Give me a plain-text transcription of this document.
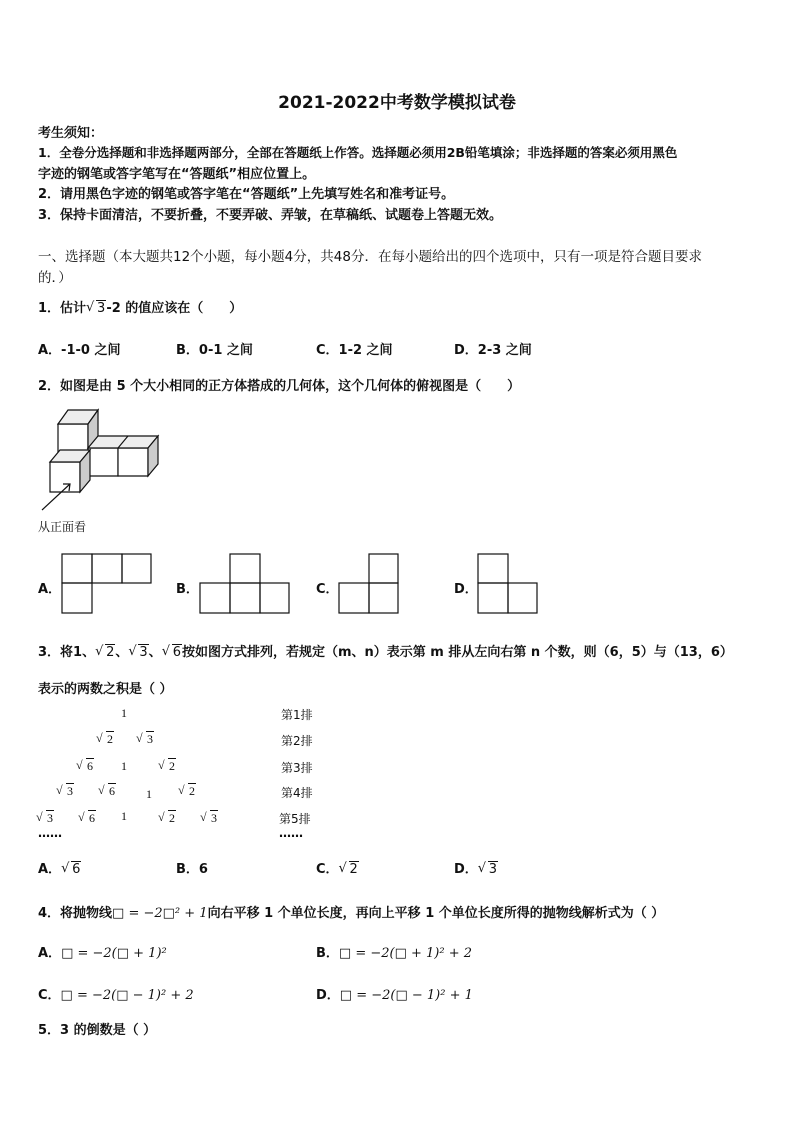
2021-2022中考数学模拟试卷
考生须知：
1．全卷分选择题和非选择题两部分，全部在答题纸上作答。选择题必须用2B铅笔填涂；非选择题的答案必须用黑色
字迹的钢笔或答字笔写在“答题纸”相应位置上。
2．请用黑色字迹的钢笔或答字笔在“答题纸”上先填写姓名和准考证号。
3．保持卡面清洁，不要折叠，不要弄破、弄皱，在草稿纸、试题卷上答题无效。
一、选择题（本大题共12个小题，每小题4分，共48分．在每小题给出的四个选项中，只有一项是符合题目要求
的．）
1．估计 √ 3-2 的值应该在（　　）
A．-1-0 之间	B．0-1 之间	C．1-2 之间	D．2-3 之间
2．如图是由 5 个大小相同的正方体搭成的几何体，这个几何体的俯视图是（　　）
从正面看
A．	B．	C．	D．
3．将1、 √ 2、 √ 3、 √ 6按如图方式排列，若规定（m、n）表示第 m 排从左向右第 n 个数，则（6，5）与（13，6）
表示的两数之积是（ ）
1
√ 2	√ 3
√ 6 1	√ 2
√ 3	√ 6	1	√ 2
√ 3	√ 6 1	√ 2	√ 3
……
第1排
第2排
第3排
第4排
第5排
……
A． √ 6	B．6	C． √ 2	D． √ 3
4．将抛物线□ = −2□² + 1向右平移 1 个单位长度，再向上平移 1 个单位长度所得的抛物线解析式为（ ）
A．□ = −2(□ + 1)²	B．□ = −2(□ + 1)² + 2
C．□ = −2(□ − 1)² + 2	D．□ = −2(□ − 1)² + 1
5．3 的倒数是（ ）
